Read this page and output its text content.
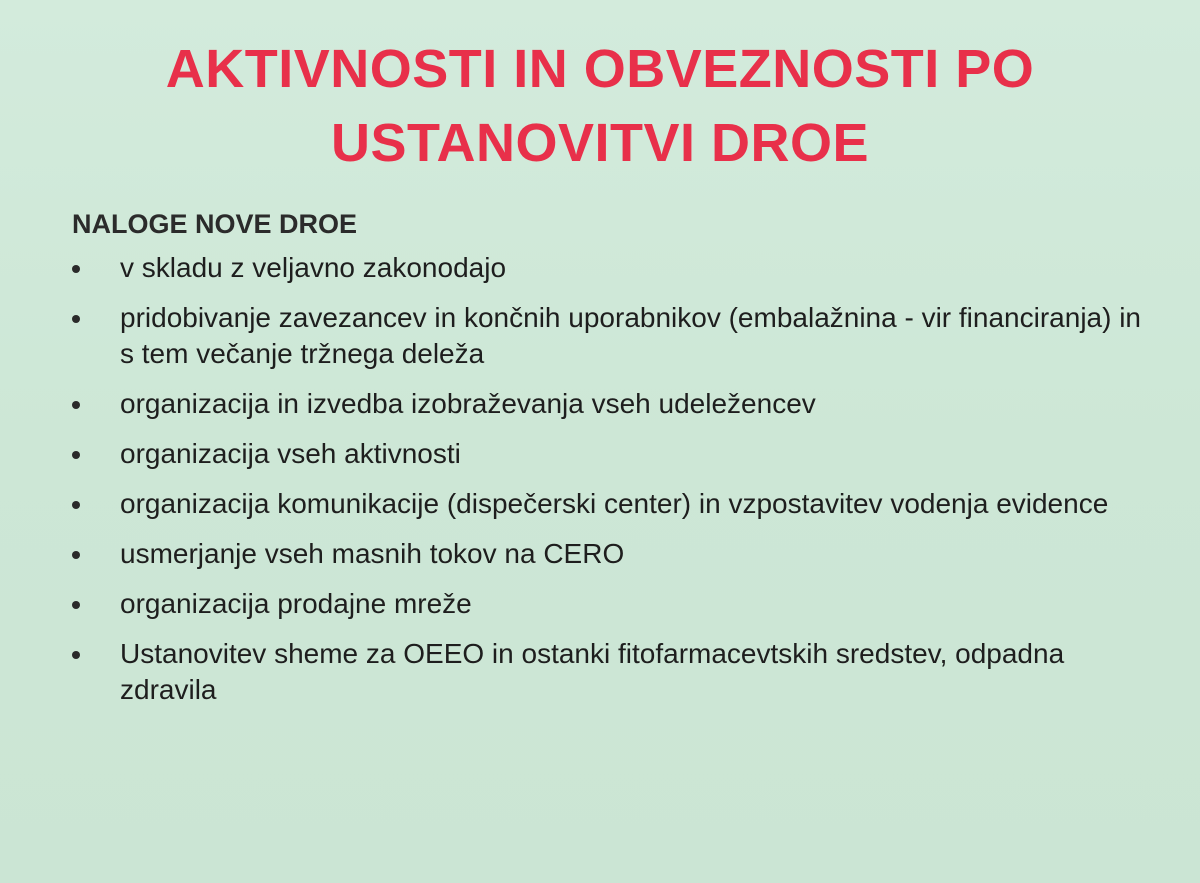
AKTIVNOSTI IN OBVEZNOSTI PO
USTANOVITVI DROE
NALOGE NOVE DROE
v skladu z veljavno zakonodajo
pridobivanje zavezancev in končnih uporabnikov (embalažnina - vir financiranja) in s tem večanje tržnega deleža
organizacija in izvedba izobraževanja vseh udeležencev
organizacija vseh aktivnosti
organizacija komunikacije (dispečerski center) in vzpostavitev vodenja evidence
usmerjanje vseh masnih tokov na CERO
organizacija prodajne mreže
Ustanovitev sheme za OEEO in ostanki fitofarmacevtskih sredstev, odpadna zdravila
